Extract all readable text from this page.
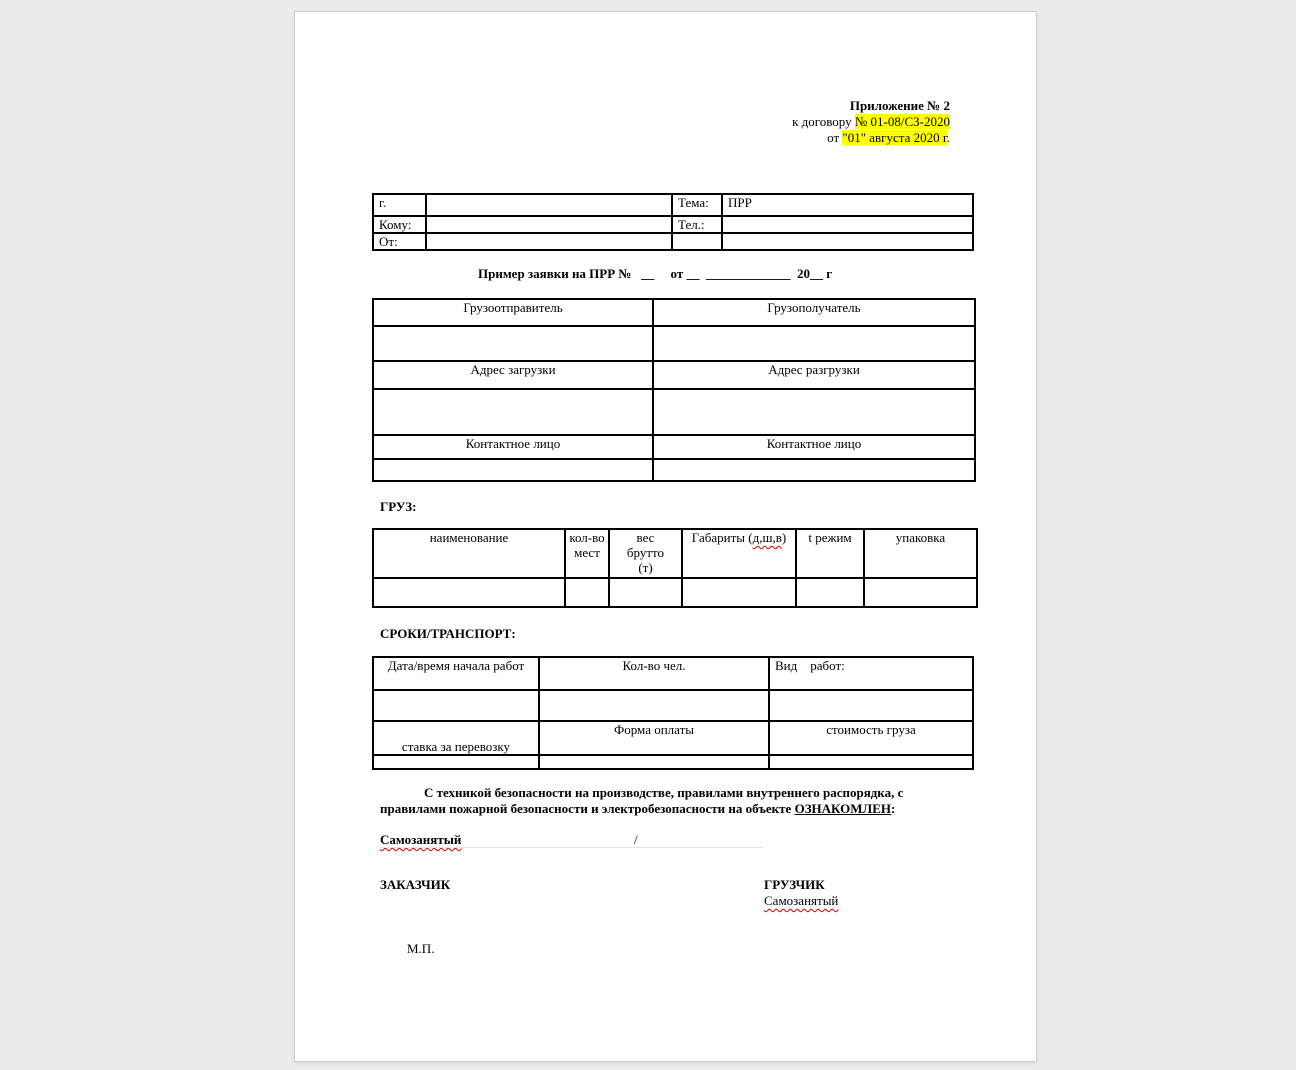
Приложение № 2
к договору № 01-08/СЗ-2020
от "01" августа 2020 г.
г.		Тема:	ПРР
Кому:		Тел.:	
От:			
Пример заявки на ПРР №   __     от __  _____________  20__ г
Грузоотправитель	Грузополучатель

Адрес загрузки	Адрес разгрузки

Контактное лицо	Контактное лицо

ГРУЗ:
наименование	кол-во мест	вес брутто (т)	Габариты (д,ш,в)	t режим	упаковка

СРОКИ/ТРАНСПОРТ:
Дата/время начала работ	Кол-во чел.	Вид    работ:

ставка за перевозку	Форма оплаты	стоимость груза

С техникой безопасности на производстве, правилами внутреннего распорядка, с правилами пожарной безопасности и электробезопасности на объекте ОЗНАКОМЛЕН:
Самозанятый	/
ЗАКАЗЧИК	ГРУЗЧИК
Самозанятый
М.П.
